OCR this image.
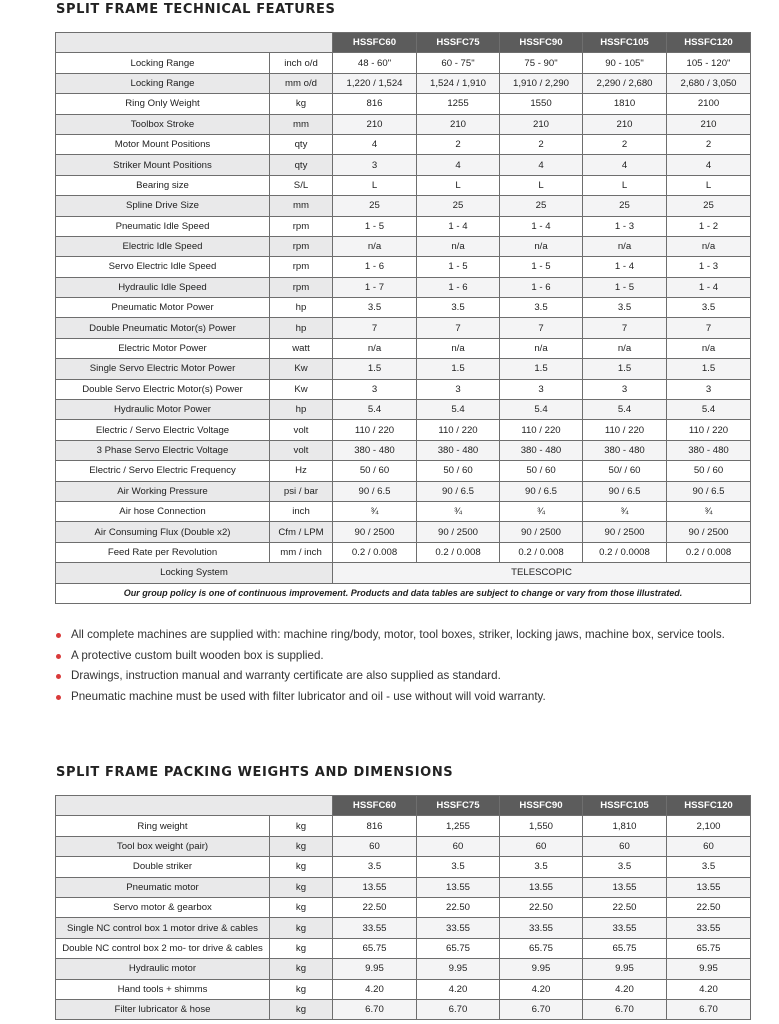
SPLIT FRAME TECHNICAL FEATURES
		HSSFC60	HSSFC75	HSSFC90	HSSFC105	HSSFC120
Locking Range	inch o/d	48 - 60"	60 - 75"	75 - 90"	90 - 105"	105 - 120"
Locking Range	mm o/d	1,220 / 1,524	1,524 / 1,910	1,910 / 2,290	2,290 / 2,680	2,680 / 3,050
Ring Only Weight	kg	816	1255	1550	1810	2100
Toolbox Stroke	mm	210	210	210	210	210
Motor Mount Positions	qty	4	2	2	2	2
Striker Mount Positions	qty	3	4	4	4	4
Bearing size	S/L	L	L	L	L	L
Spline Drive Size	mm	25	25	25	25	25
Pneumatic Idle Speed	rpm	1 - 5	1 - 4	1 - 4	1 - 3	1 - 2
Electric Idle Speed	rpm	n/a	n/a	n/a	n/a	n/a
Servo Electric Idle Speed	rpm	1 - 6	1 - 5	1 - 5	1 - 4	1 - 3
Hydraulic Idle Speed	rpm	1 - 7	1 - 6	1 - 6	1 - 5	1 - 4
Pneumatic Motor Power	hp	3.5	3.5	3.5	3.5	3.5
Double Pneumatic Motor(s) Power	hp	7	7	7	7	7
Electric Motor Power	watt	n/a	n/a	n/a	n/a	n/a
Single Servo Electric Motor Power	Kw	1.5	1.5	1.5	1.5	1.5
Double Servo Electric Motor(s) Power	Kw	3	3	3	3	3
Hydraulic Motor Power	hp	5.4	5.4	5.4	5.4	5.4
Electric / Servo Electric Voltage	volt	110 / 220	110 / 220	110 / 220	110 / 220	110 / 220
3 Phase Servo Electric Voltage	volt	380 - 480	380 - 480	380 - 480	380 - 480	380 - 480
Electric / Servo Electric Frequency	Hz	50 / 60	50 / 60	50 / 60	50/ / 60	50 / 60
Air Working Pressure	psi / bar	90 / 6.5	90 / 6.5	90 / 6.5	90 / 6.5	90 / 6.5
Air hose Connection	inch	¾	¾	¾	¾	¾
Air Consuming Flux (Double x2)	Cfm / LPM	90 / 2500	90 / 2500	90 / 2500	90 / 2500	90 / 2500
Feed Rate per Revolution	mm / inch	0.2 / 0.008	0.2 / 0.008	0.2 / 0.008	0.2 / 0.0008	0.2 / 0.008
Locking System		TELESCOPIC				
Our group policy is one of continuous improvement. Products and data tables are subject to change or vary from those illustrated.						
All complete machines are supplied with: machine ring/body, motor, tool boxes, striker, locking jaws, machine box, service tools.
A protective custom built wooden box is supplied.
Drawings, instruction manual and warranty certificate are also supplied as standard.
Pneumatic machine must be used with filter lubricator and oil - use without will void warranty.
SPLIT FRAME PACKING WEIGHTS AND DIMENSIONS
		HSSFC60	HSSFC75	HSSFC90	HSSFC105	HSSFC120
Ring weight	kg	816	1,255	1,550	1,810	2,100
Tool box weight (pair)	kg	60	60	60	60	60
Double striker	kg	3.5	3.5	3.5	3.5	3.5
Pneumatic motor	kg	13.55	13.55	13.55	13.55	13.55
Servo motor & gearbox	kg	22.50	22.50	22.50	22.50	22.50
Single NC control box 1 motor drive & cables	kg	33.55	33.55	33.55	33.55	33.55
Double NC control box 2 mo- tor drive & cables	kg	65.75	65.75	65.75	65.75	65.75
Hydraulic motor	kg	9.95	9.95	9.95	9.95	9.95
Hand tools + shimms	kg	4.20	4.20	4.20	4.20	4.20
Filter lubricator & hose	kg	6.70	6.70	6.70	6.70	6.70
